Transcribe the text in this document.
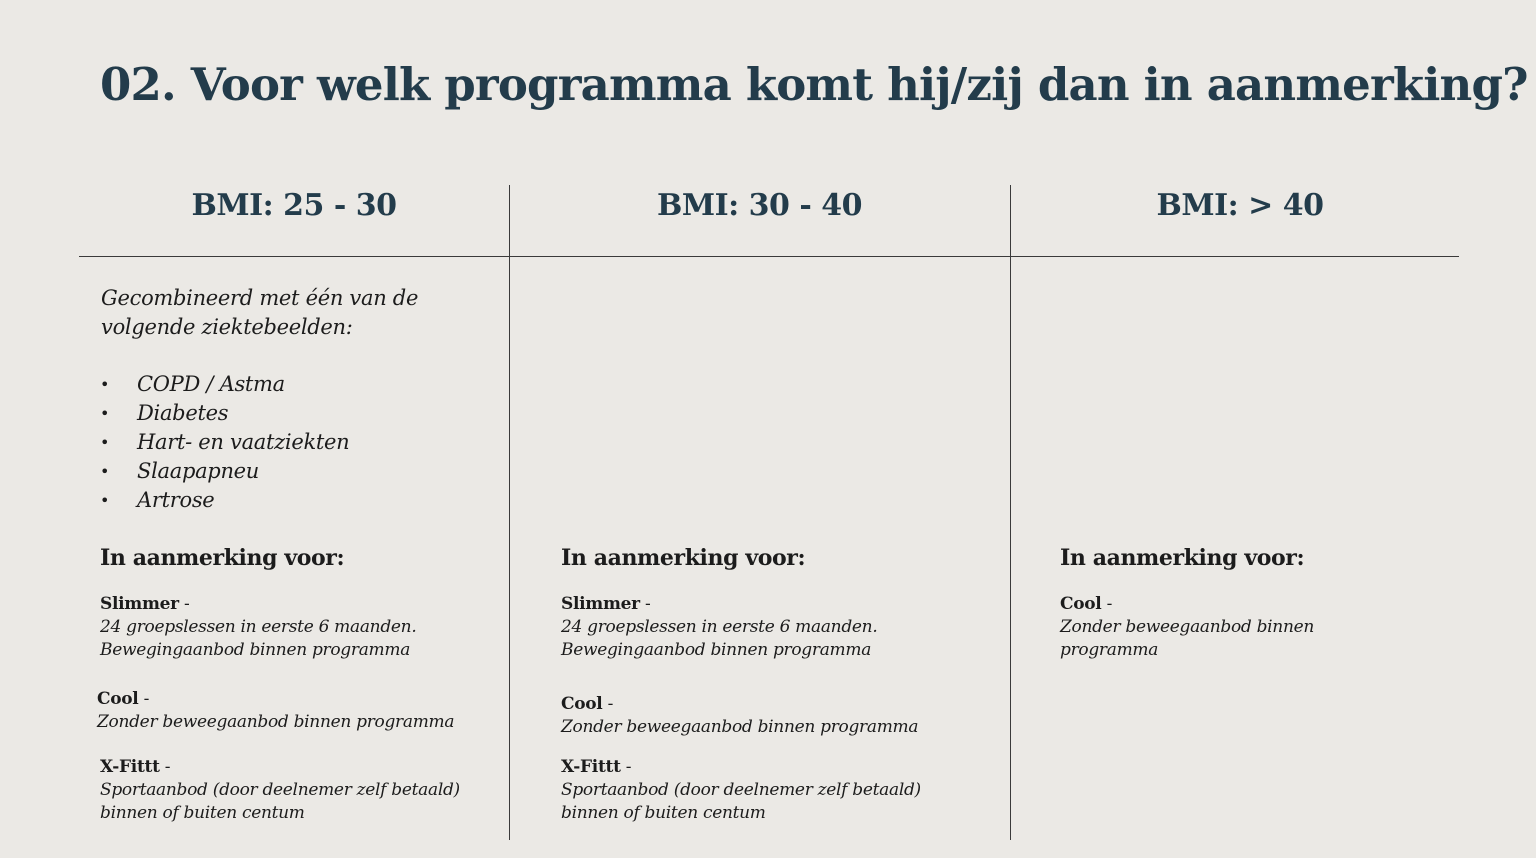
02. Voor welk programma komt hij/zij dan in aanmerking?
BMI: 25 - 30	BMI: 30 - 40	BMI: > 40
Gecombineerd met één van de volgende ziektebeelden:
• COPD / Astma
• Diabetes
• Hart- en vaatziekten
• Slaapapneu
• Artrose
In aanmerking voor:
Slimmer -
24 groepslessen in eerste 6 maanden.
Bewegingaanbod binnen programma
Cool -
Zonder beweegaanbod binnen programma
X-Fittt -
Sportaanbod (door deelnemer zelf betaald)
binnen of buiten centum
In aanmerking voor:
Slimmer -
24 groepslessen in eerste 6 maanden.
Bewegingaanbod binnen programma
Cool -
Zonder beweegaanbod binnen programma
X-Fittt -
Sportaanbod (door deelnemer zelf betaald)
binnen of buiten centum
In aanmerking voor:
Cool -
Zonder beweegaanbod binnen
programma
